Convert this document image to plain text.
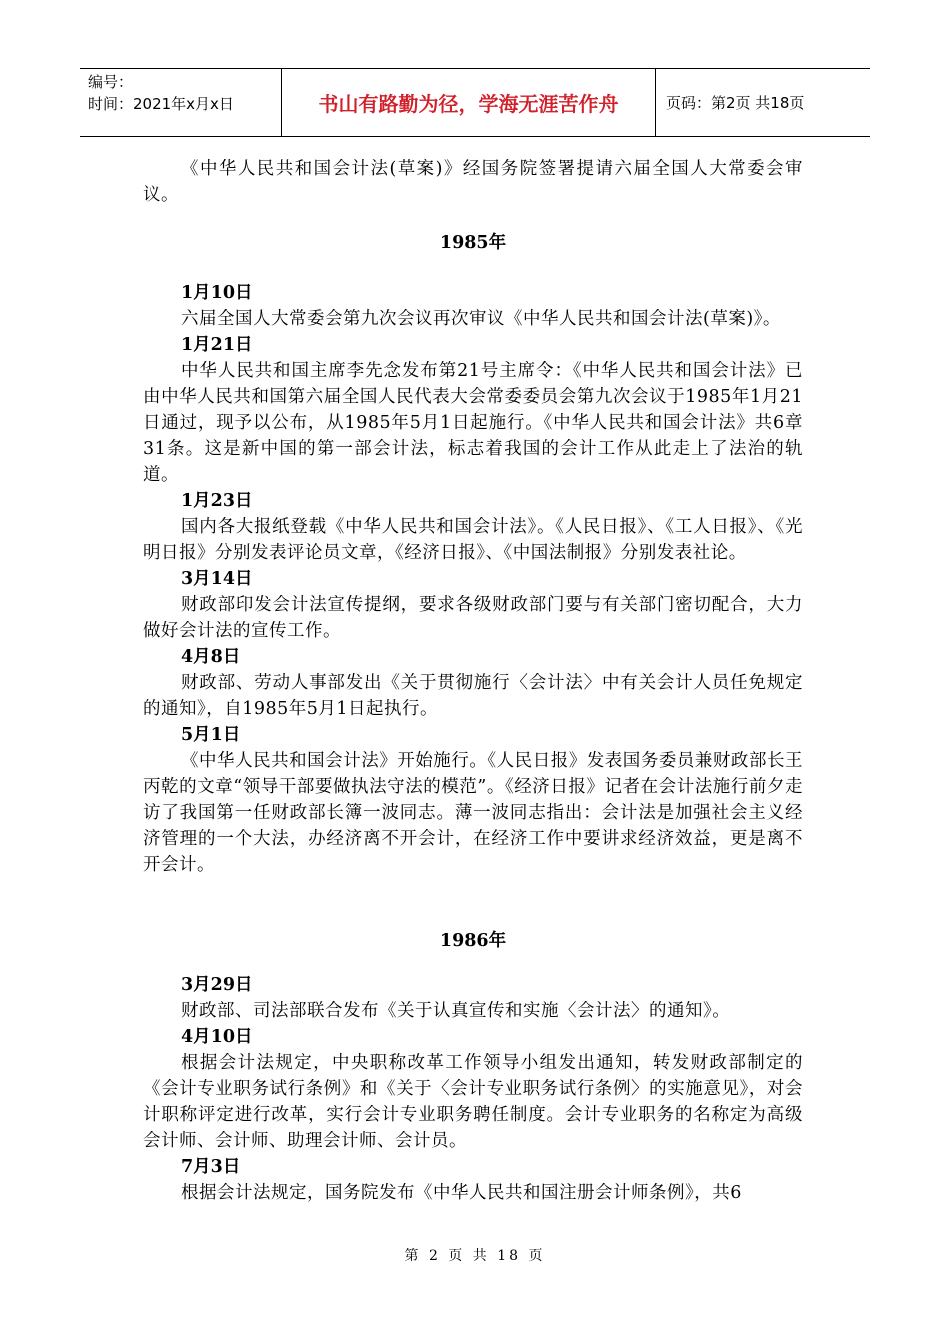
编号：
时间：2021年x月x日	书山有路勤为径，学海无涯苦作舟	页码：第2页 共18页

《中华人民共和国会计法(草案)》经国务院签署提请六届全国人大常委会审议。

1985年
1月10日

六届全国人大常委会第九次会议再次审议《中华人民共和国会计法(草案)》。

1月21日

中华人民共和国主席李先念发布第21号主席令：《中华人民共和国会计法》已由中华人民共和国第六届全国人民代表大会常委委员会第九次会议于1985年1月21日通过，现予以公布，从1985年5月1日起施行。《中华人民共和国会计法》共6章31条。这是新中国的第一部会计法，标志着我国的会计工作从此走上了法治的轨道。

1月23日

国内各大报纸登载《中华人民共和国会计法》。《人民日报》、《工人日报》、《光明日报》分别发表评论员文章，《经济日报》、《中国法制报》分别发表社论。

3月14日

财政部印发会计法宣传提纲，要求各级财政部门要与有关部门密切配合，大力做好会计法的宣传工作。

4月8日

财政部、劳动人事部发出《关于贯彻施行〈会计法〉中有关会计人员任免规定的通知》，自1985年5月1日起执行。

5月1日

《中华人民共和国会计法》开始施行。《人民日报》发表国务委员兼财政部长王丙乾的文章“领导干部要做执法守法的模范”。《经济日报》记者在会计法施行前夕走访了我国第一任财政部长簿一波同志。薄一波同志指出：会计法是加强社会主义经济管理的一个大法，办经济离不开会计，在经济工作中要讲求经济效益，更是离不开会计。

1986年
3月29日

财政部、司法部联合发布《关于认真宣传和实施〈会计法〉的通知》。

4月10日

根据会计法规定，中央职称改革工作领导小组发出通知，转发财政部制定的《会计专业职务试行条例》和《关于〈会计专业职务试行条例〉的实施意见》，对会计职称评定进行改革，实行会计专业职务聘任制度。会计专业职务的名称定为高级会计师、会计师、助理会计师、会计员。

7月3日

根据会计法规定，国务院发布《中华人民共和国注册会计师条例》，共6

第 2 页 共 18 页
